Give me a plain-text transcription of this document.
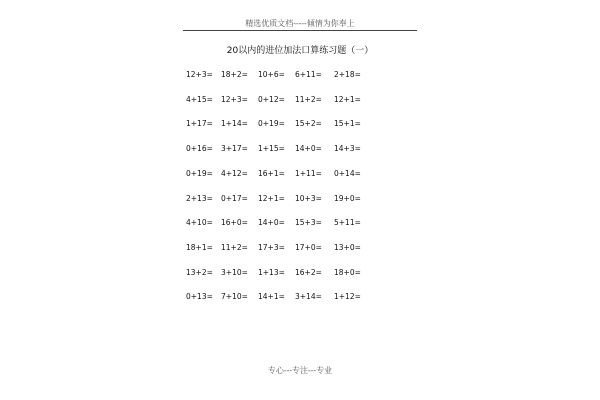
精选优质文档-----倾情为你奉上
20以内的进位加法口算练习题（一）
12+3= 18+2= 10+6= 6+11= 2+18=
4+15= 12+3= 0+12= 11+2= 12+1=
1+17= 1+14= 0+19= 15+2= 15+1=
0+16= 3+17= 1+15= 14+0= 14+3=
0+19= 4+12= 16+1= 1+11= 0+14=
2+13= 0+17= 12+1= 10+3= 19+0=
4+10= 16+0= 14+0= 15+3= 5+11=
18+1= 11+2= 17+3= 17+0= 13+0=
13+2= 3+10= 1+13= 16+2= 18+0=
0+13= 7+10= 14+1= 3+14= 1+12=
专心---专注---专业
